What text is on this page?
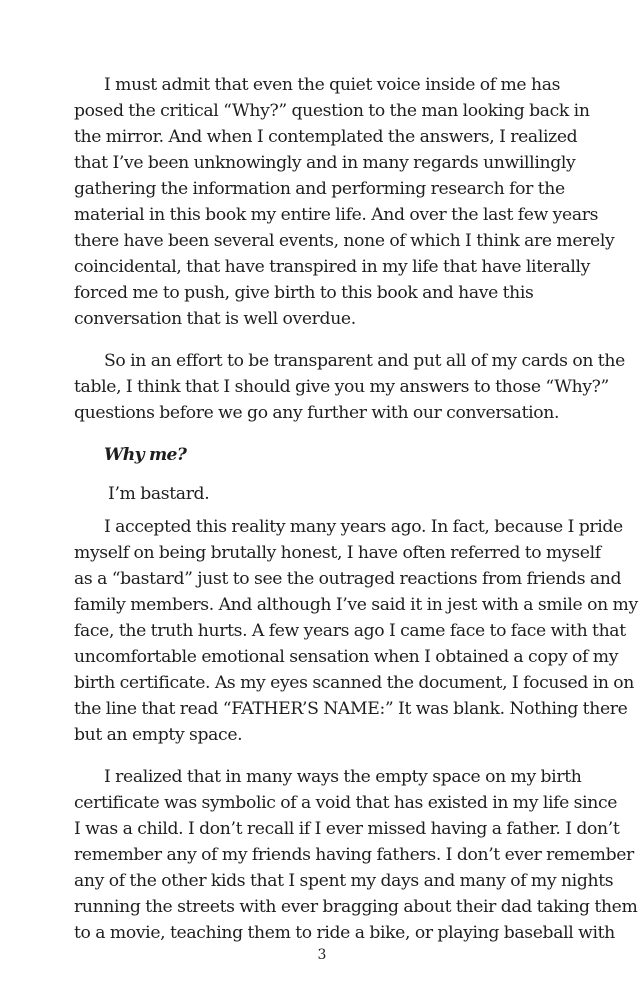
I must admit that even the quiet voice inside of me has
posed the critical “Why?” question to the man looking back in
the mirror. And when I contemplated the answers, I realized
that I’ve been unknowingly and in many regards unwillingly
gathering the information and performing research for the
material in this book my entire life. And over the last few years
there have been several events, none of which I think are merely
coincidental, that have transpired in my life that have literally
forced me to push, give birth to this book and have this
conversation that is well overdue.
So in an effort to be transparent and put all of my cards on the
table, I think that I should give you my answers to those “Why?”
questions before we go any further with our conversation.
Why me?
I’m bastard.
I accepted this reality many years ago. In fact, because I pride
myself on being brutally honest, I have often referred to myself
as a “bastard” just to see the outraged reactions from friends and
family members. And although I’ve said it in jest with a smile on my
face, the truth hurts. A few years ago I came face to face with that
uncomfortable emotional sensation when I obtained a copy of my
birth certificate. As my eyes scanned the document, I focused in on
the line that read “FATHER’S NAME:” It was blank. Nothing there
but an empty space.
I realized that in many ways the empty space on my birth
certificate was symbolic of a void that has existed in my life since
I was a child. I don’t recall if I ever missed having a father. I don’t
remember any of my friends having fathers. I don’t ever remember
any of the other kids that I spent my days and many of my nights
running the streets with ever bragging about their dad taking them
to a movie, teaching them to ride a bike, or playing baseball with
3
